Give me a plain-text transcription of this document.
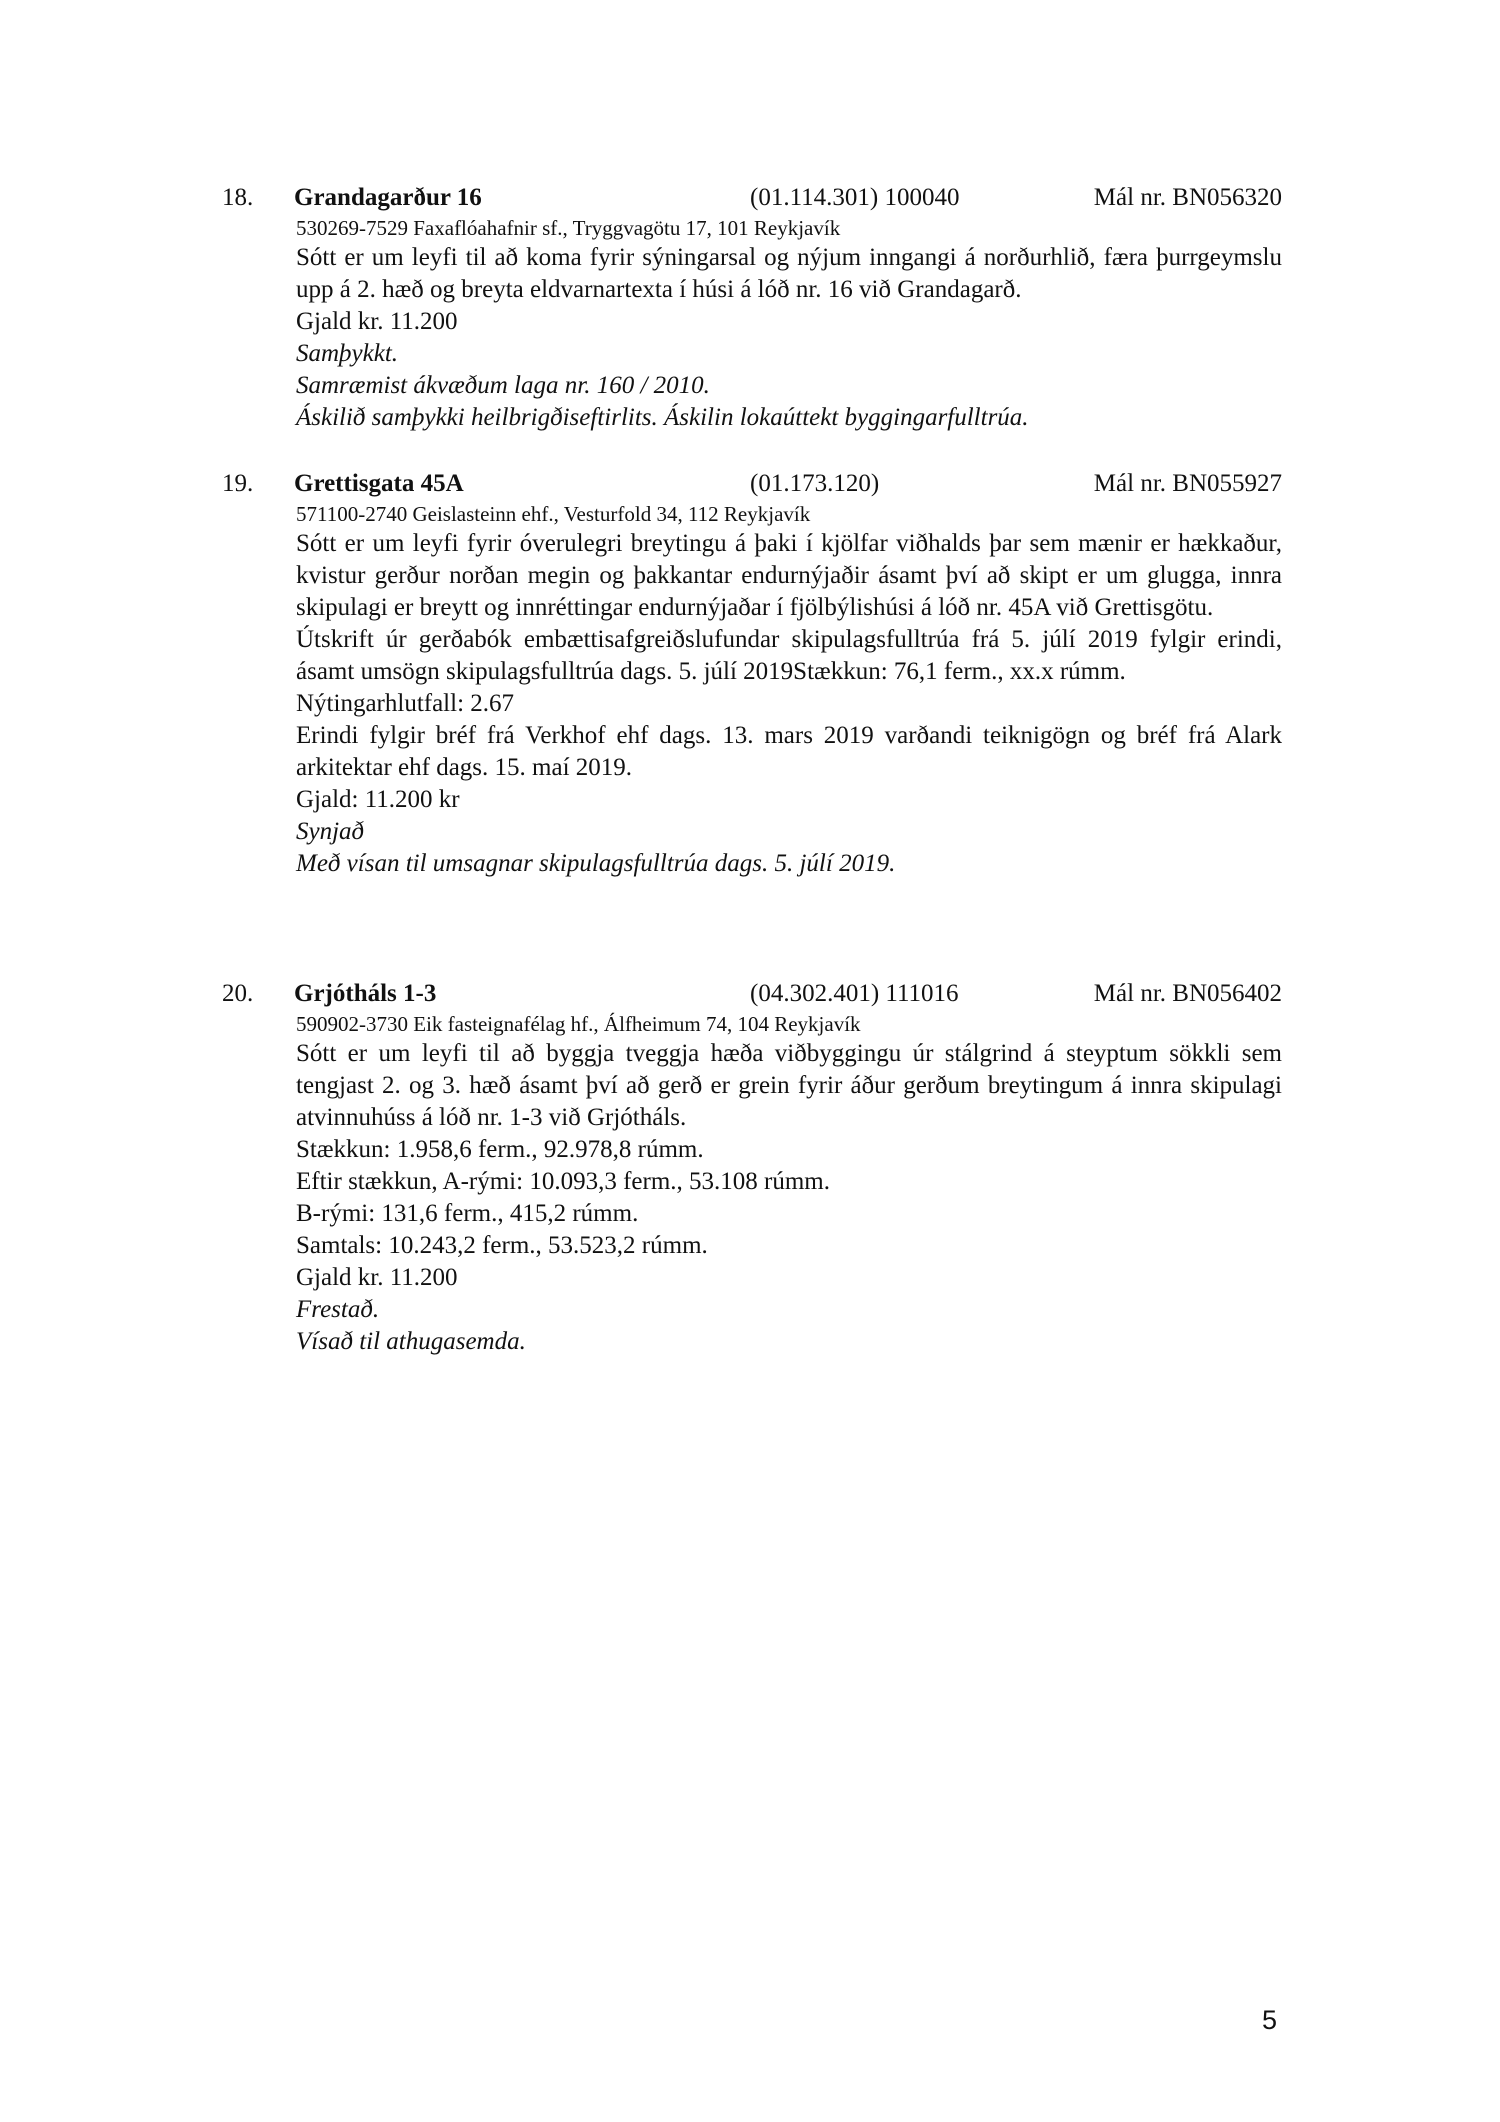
18. Grandagarður 16	(01.114.301) 100040	Mál nr. BN056320
530269-7529 Faxaflóahafnir sf., Tryggvagötu 17, 101 Reykjavík
Sótt er um leyfi til að koma fyrir sýningarsal og nýjum inngangi á norðurhlið, færa þurrgeymslu upp á 2. hæð og breyta eldvarnartexta í húsi á lóð nr. 16 við Grandagarð.
Gjald kr. 11.200
Samþykkt.
Samræmist ákvæðum laga nr. 160 / 2010.
Áskilið samþykki heilbrigðiseftirlits. Áskilin lokaúttekt byggingarfulltrúa.
19. Grettisgata 45A	(01.173.120)	Mál nr. BN055927
571100-2740 Geislasteinn ehf., Vesturfold 34, 112 Reykjavík
Sótt er um leyfi fyrir óverulegri breytingu á þaki í kjölfar viðhalds þar sem mænir er hækkaður, kvistur gerður norðan megin og þakkantar endurnýjaðir ásamt því að skipt er um glugga, innra skipulagi er breytt og innréttingar endurnýjaðar í fjölbýlishúsi á lóð nr. 45A við Grettisgötu.
Útskrift úr gerðabók embættisafgreiðslufundar skipulagsfulltrúa frá 5. júlí 2019 fylgir erindi, ásamt umsögn skipulagsfulltrúa dags. 5. júlí 2019Stækkun: 76,1 ferm., xx.x rúmm.
Nýtingarhlutfall: 2.67
Erindi fylgir bréf frá Verkhof ehf dags. 13. mars 2019 varðandi teiknigögn og bréf frá Alark arkitektar ehf dags. 15. maí 2019.
Gjald: 11.200 kr
Synjað
Með vísan til umsagnar skipulagsfulltrúa dags. 5. júlí 2019.
20. Grjótháls 1-3	(04.302.401) 111016	Mál nr. BN056402
590902-3730 Eik fasteignafélag hf., Álfheimum 74, 104 Reykjavík
Sótt er um leyfi til að byggja tveggja hæða viðbyggingu úr stálgrind á steyptum sökkli sem tengjast 2. og 3. hæð ásamt því að gerð er grein fyrir áður gerðum breytingum á innra skipulagi atvinnuhúss á lóð nr. 1-3 við Grjótháls.
Stækkun: 1.958,6 ferm., 92.978,8 rúmm.
Eftir stækkun, A-rými: 10.093,3 ferm., 53.108 rúmm.
B-rými: 131,6 ferm., 415,2 rúmm.
Samtals: 10.243,2 ferm., 53.523,2 rúmm.
Gjald kr. 11.200
Frestað.
Vísað til athugasemda.
5
